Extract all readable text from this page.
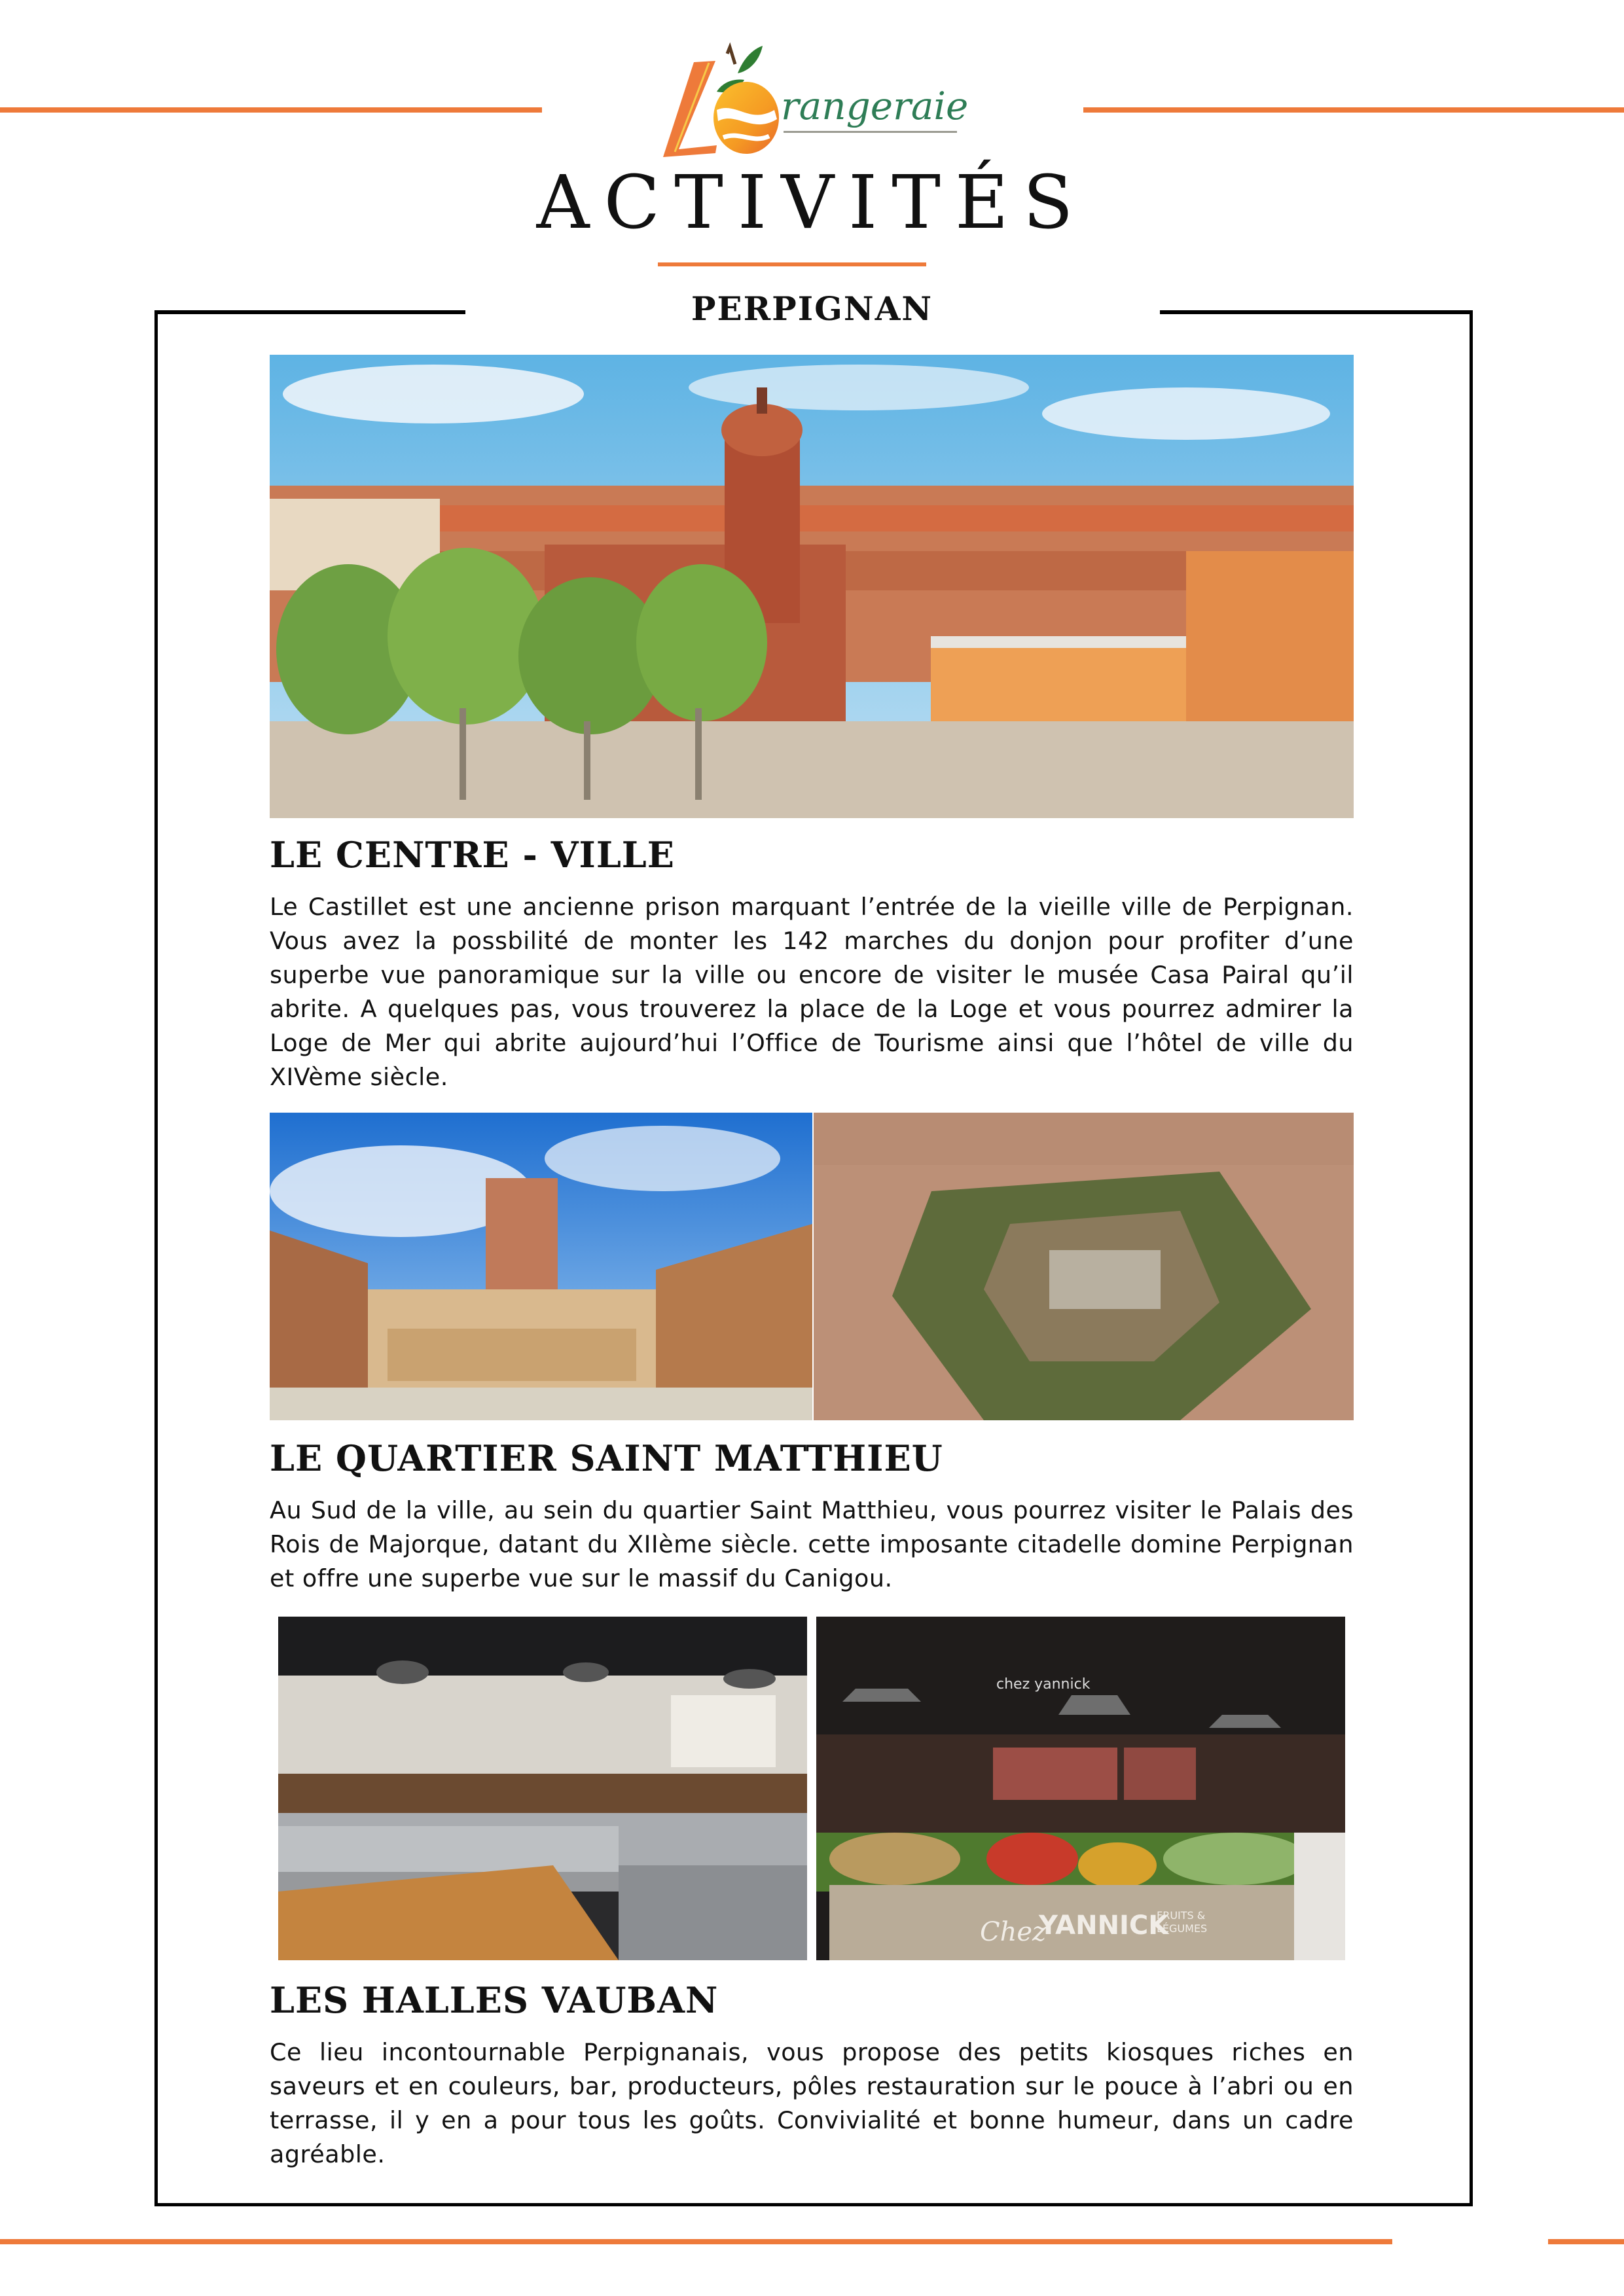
rangeraie
ACTIVITÉS
PERPIGNAN
LE CENTRE - VILLE
Le Castillet est une ancienne prison marquant l’entrée de la vieille ville de Perpignan. Vous avez la possbilité de monter les 142 marches du donjon pour profiter d’une superbe vue panoramique sur la ville ou encore de visiter le musée Casa Pairal qu’il abrite. A quelques pas, vous trouverez la place de la Loge et vous pourrez admirer la Loge de Mer qui abrite aujourd’hui l’Office de Tourisme ainsi que l’hôtel de ville du XIVème siècle.
LE QUARTIER SAINT MATTHIEU
Au Sud de la ville, au sein du quartier Saint Matthieu, vous pourrez visiter le Palais des Rois de Majorque, datant du XIIème siècle. cette imposante citadelle domine Perpignan et offre une superbe vue sur le massif du Canigou.
chez yannick
Chez
YANNICK
FRUITS &
LÉGUMES
LES HALLES VAUBAN
Ce lieu incontournable Perpignanais, vous propose des petits kiosques riches en saveurs et en couleurs, bar, producteurs, pôles restauration sur le pouce à l’abri ou en terrasse, il y en a pour tous les goûts. Convivialité et bonne humeur, dans un cadre agréable.
